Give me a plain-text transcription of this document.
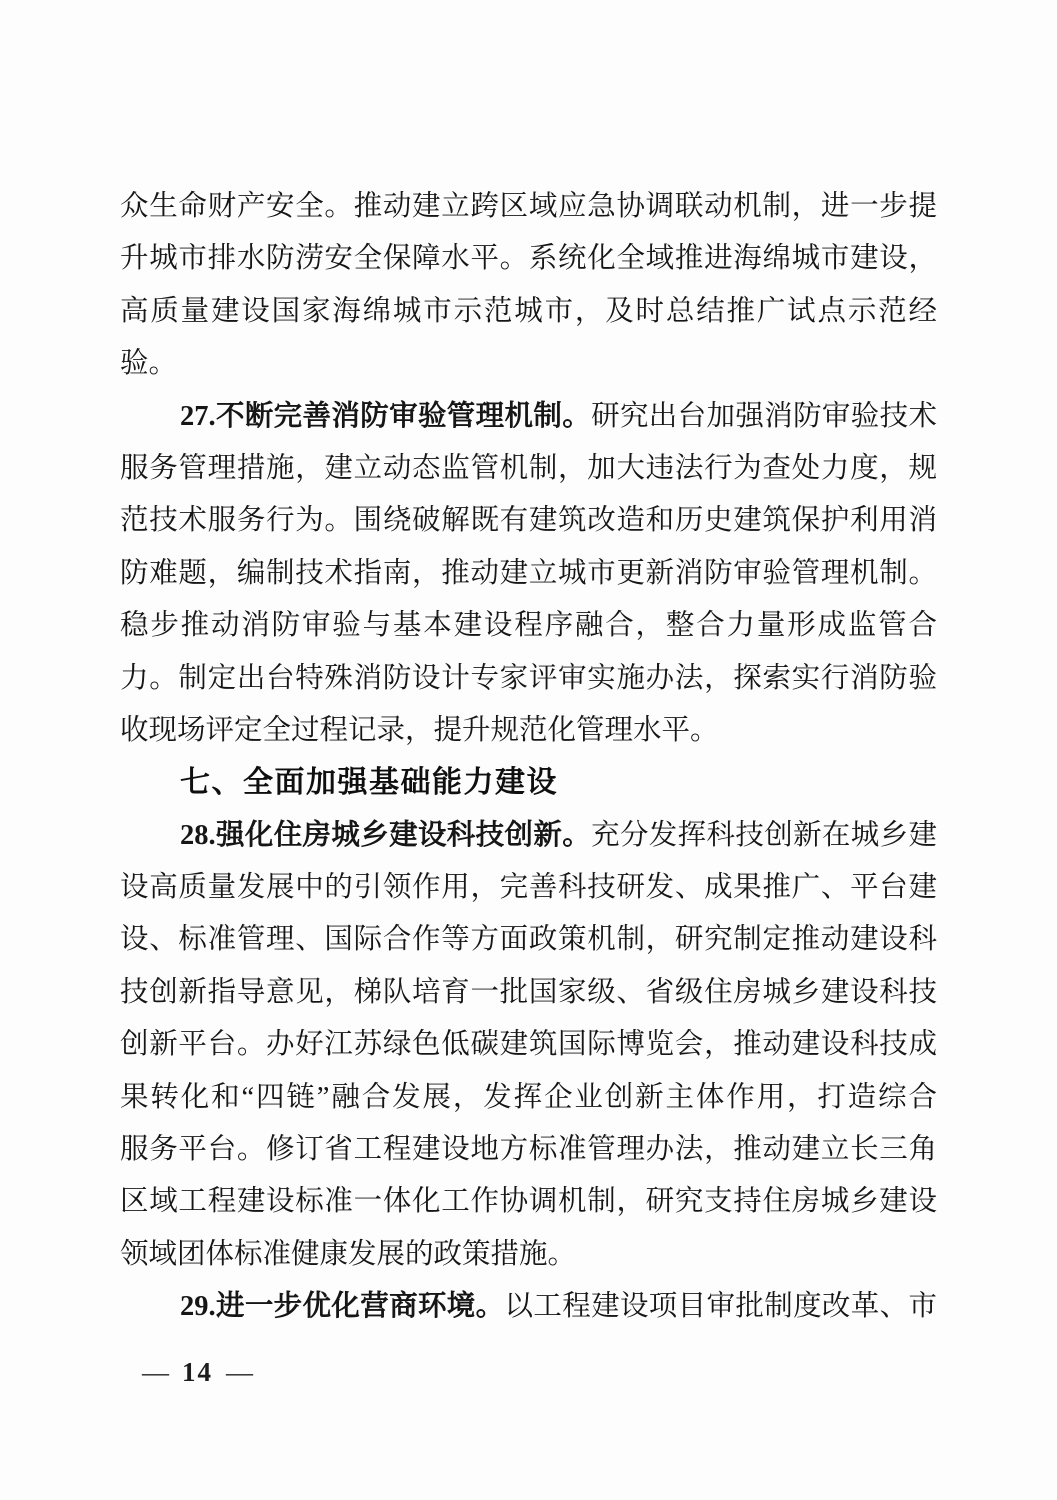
众生命财产安全。推动建立跨区域应急协调联动机制，进一步提
升城市排水防涝安全保障水平。系统化全域推进海绵城市建设，
高质量建设国家海绵城市示范城市，及时总结推广试点示范经
验。
27.不断完善消防审验管理机制。研究出台加强消防审验技术
服务管理措施，建立动态监管机制，加大违法行为查处力度，规
范技术服务行为。围绕破解既有建筑改造和历史建筑保护利用消
防难题，编制技术指南，推动建立城市更新消防审验管理机制。
稳步推动消防审验与基本建设程序融合，整合力量形成监管合
力。制定出台特殊消防设计专家评审实施办法，探索实行消防验
收现场评定全过程记录，提升规范化管理水平。
七、全面加强基础能力建设
28.强化住房城乡建设科技创新。充分发挥科技创新在城乡建
设高质量发展中的引领作用，完善科技研发、成果推广、平台建
设、标准管理、国际合作等方面政策机制，研究制定推动建设科
技创新指导意见，梯队培育一批国家级、省级住房城乡建设科技
创新平台。办好江苏绿色低碳建筑国际博览会，推动建设科技成
果转化和“四链”融合发展，发挥企业创新主体作用，打造综合
服务平台。修订省工程建设地方标准管理办法，推动建立长三角
区域工程建设标准一体化工作协调机制，研究支持住房城乡建设
领域团体标准健康发展的政策措施。
29.进一步优化营商环境。以工程建设项目审批制度改革、市
— 14 —
